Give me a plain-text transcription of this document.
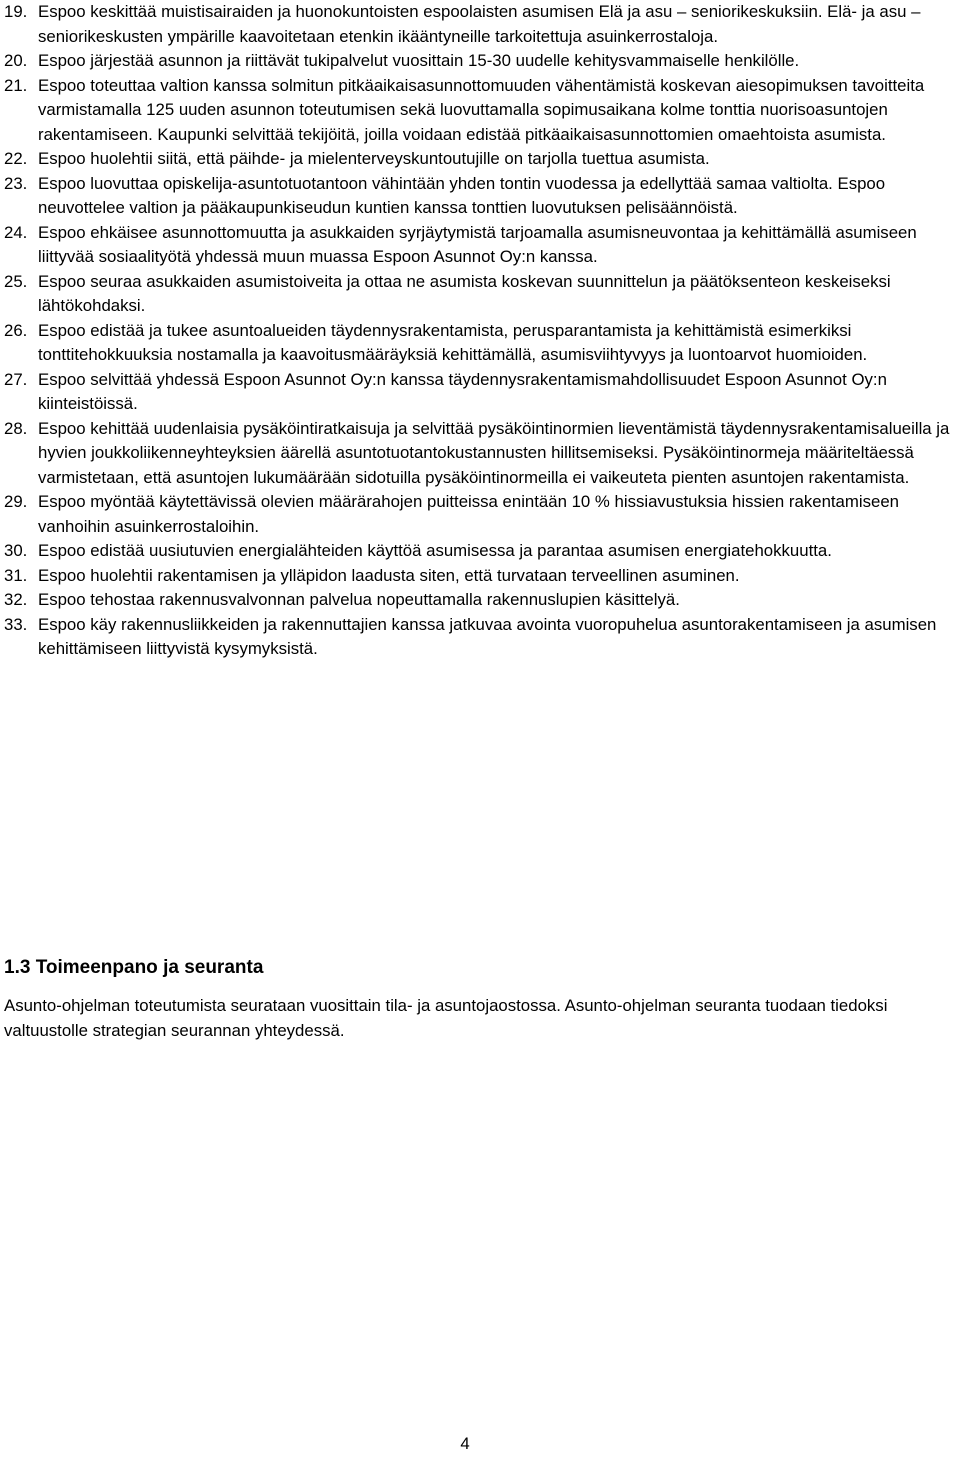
19. Espoo keskittää muistisairaiden ja huonokuntoisten espoolaisten asumisen Elä ja asu – seniorikeskuksiin. Elä- ja asu –seniorikeskusten ympärille kaavoitetaan etenkin ikääntyneille tarkoitettuja asuinkerrostaloja.
20. Espoo järjestää asunnon ja riittävät tukipalvelut vuosittain 15-30 uudelle kehitysvammaiselle henkilölle.
21. Espoo toteuttaa valtion kanssa solmitun pitkäaikaisasunnottomuuden vähentämistä koskevan aiesopimuksen tavoitteita varmistamalla 125 uuden asunnon toteutumisen sekä luovuttamalla sopimusaikana kolme tonttia nuorisoasuntojen rakentamiseen. Kaupunki selvittää tekijöitä, joilla voidaan edistää pitkäaikaisasunnottomien omaehtoista asumista.
22. Espoo huolehtii siitä, että päihde- ja mielenterveyskuntoutujille on tarjolla tuettua asumista.
23. Espoo luovuttaa opiskelija-asuntotuotantoon vähintään yhden tontin vuodessa ja edellyttää samaa valtiolta. Espoo neuvottelee valtion ja pääkaupunkiseudun kuntien kanssa tonttien luovutuksen pelisäännöistä.
24. Espoo ehkäisee asunnottomuutta ja asukkaiden syrjäytymistä tarjoamalla asumisneuvontaa ja kehittämällä asumiseen liittyvää sosiaalityötä yhdessä muun muassa Espoon Asunnot Oy:n kanssa.
25. Espoo seuraa asukkaiden asumistoiveita ja ottaa ne asumista koskevan suunnittelun ja päätöksenteon keskeiseksi lähtökohdaksi.
26. Espoo edistää ja tukee asuntoalueiden täydennysrakentamista, perusparantamista ja kehittämistä esimerkiksi tonttitehokkuuksia nostamalla ja kaavoitusmääräyksiä kehittämällä, asumisviihtyvyys ja luontoarvot huomioiden.
27. Espoo selvittää yhdessä Espoon Asunnot Oy:n kanssa täydennysrakentamismahdollisuudet Espoon Asunnot Oy:n kiinteistöissä.
28. Espoo kehittää uudenlaisia pysäköintiratkaisuja ja selvittää pysäköintinormien lieventämistä täydennysrakentamisalueilla ja hyvien joukkoliikenneyhteyksien äärellä asuntotuotantokustannusten hillitsemiseksi. Pysäköintinormeja määriteltäessä varmistetaan, että asuntojen lukumäärään sidotuilla pysäköintinormeilla ei vaikeuteta pienten asuntojen rakentamista.
29. Espoo myöntää käytettävissä olevien määrärahojen puitteissa enintään 10 % hissiavustuksia hissien rakentamiseen vanhoihin asuinkerrostaloihin.
30. Espoo edistää uusiutuvien energialähteiden käyttöä asumisessa ja parantaa asumisen energiatehokkuutta.
31. Espoo huolehtii rakentamisen ja ylläpidon laadusta siten, että turvataan terveellinen asuminen.
32. Espoo tehostaa rakennusvalvonnan palvelua nopeuttamalla rakennuslupien käsittelyä.
33. Espoo käy rakennusliikkeiden ja rakennuttajien kanssa jatkuvaa avointa vuoropuhelua asuntorakentamiseen ja asumisen kehittämiseen liittyvistä kysymyksistä.
1.3 Toimeenpano ja seuranta

Asunto-ohjelman toteutumista seurataan vuosittain tila- ja asuntojaostossa. Asunto-ohjelman seuranta tuodaan tiedoksi valtuustolle strategian seurannan yhteydessä.

4
